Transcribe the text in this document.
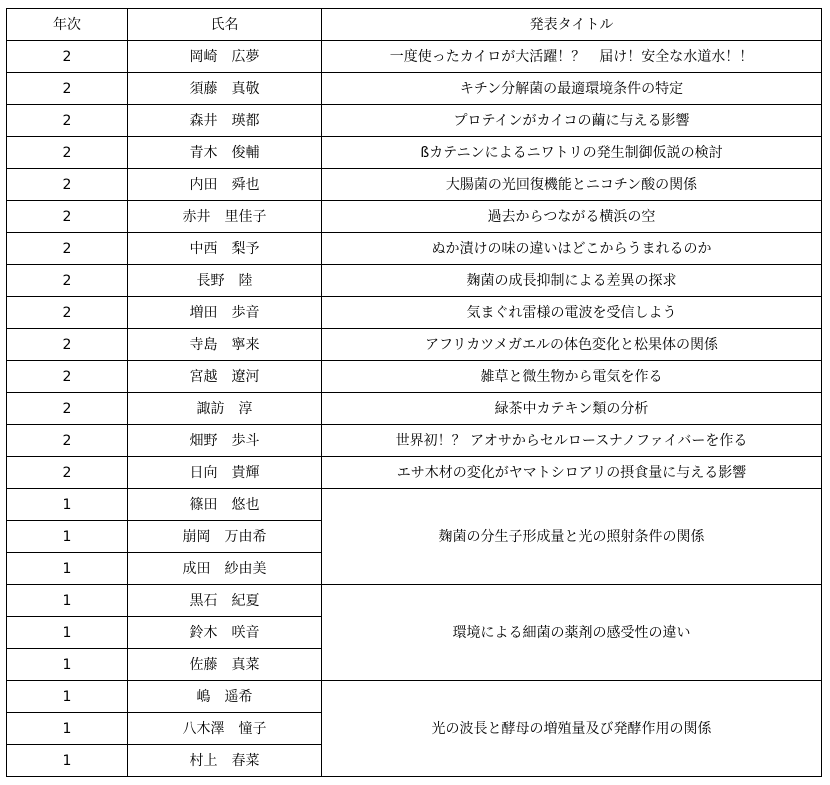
年次	氏名	発表タイトル
2	岡崎　広夢	一度使ったカイロが大活躍！？　届け！安全な水道水！！
2	須藤　真敬	キチン分解菌の最適環境条件の特定
2	森井　瑛都	プロテインがカイコの繭に与える影響
2	青木　俊輔	ßカテニンによるニワトリの発生制御仮説の検討
2	内田　舜也	大腸菌の光回復機能とニコチン酸の関係
2	赤井　里佳子	過去からつながる横浜の空
2	中西　梨予	ぬか漬けの味の違いはどこからうまれるのか
2	長野　陸	麹菌の成長抑制による差異の探求
2	増田　歩音	気まぐれ雷様の電波を受信しよう
2	寺島　寧来	アフリカツメガエルの体色変化と松果体の関係
2	宮越　遼河	雑草と微生物から電気を作る
2	諏訪　淳	緑茶中カテキン類の分析
2	畑野　歩斗	世界初！？ アオサからセルロースナノファイバーを作る
2	日向　貴輝	エサ木材の変化がヤマトシロアリの摂食量に与える影響
1	篠田　悠也	麹菌の分生子形成量と光の照射条件の関係
1	崩岡　万由希	
1	成田　紗由美	
1	黒石　紀夏	環境による細菌の薬剤の感受性の違い
1	鈴木　咲音	
1	佐藤　真菜	
1	嶋　遥希	光の波長と酵母の増殖量及び発酵作用の関係
1	八木澤　憧子	
1	村上　春菜	
